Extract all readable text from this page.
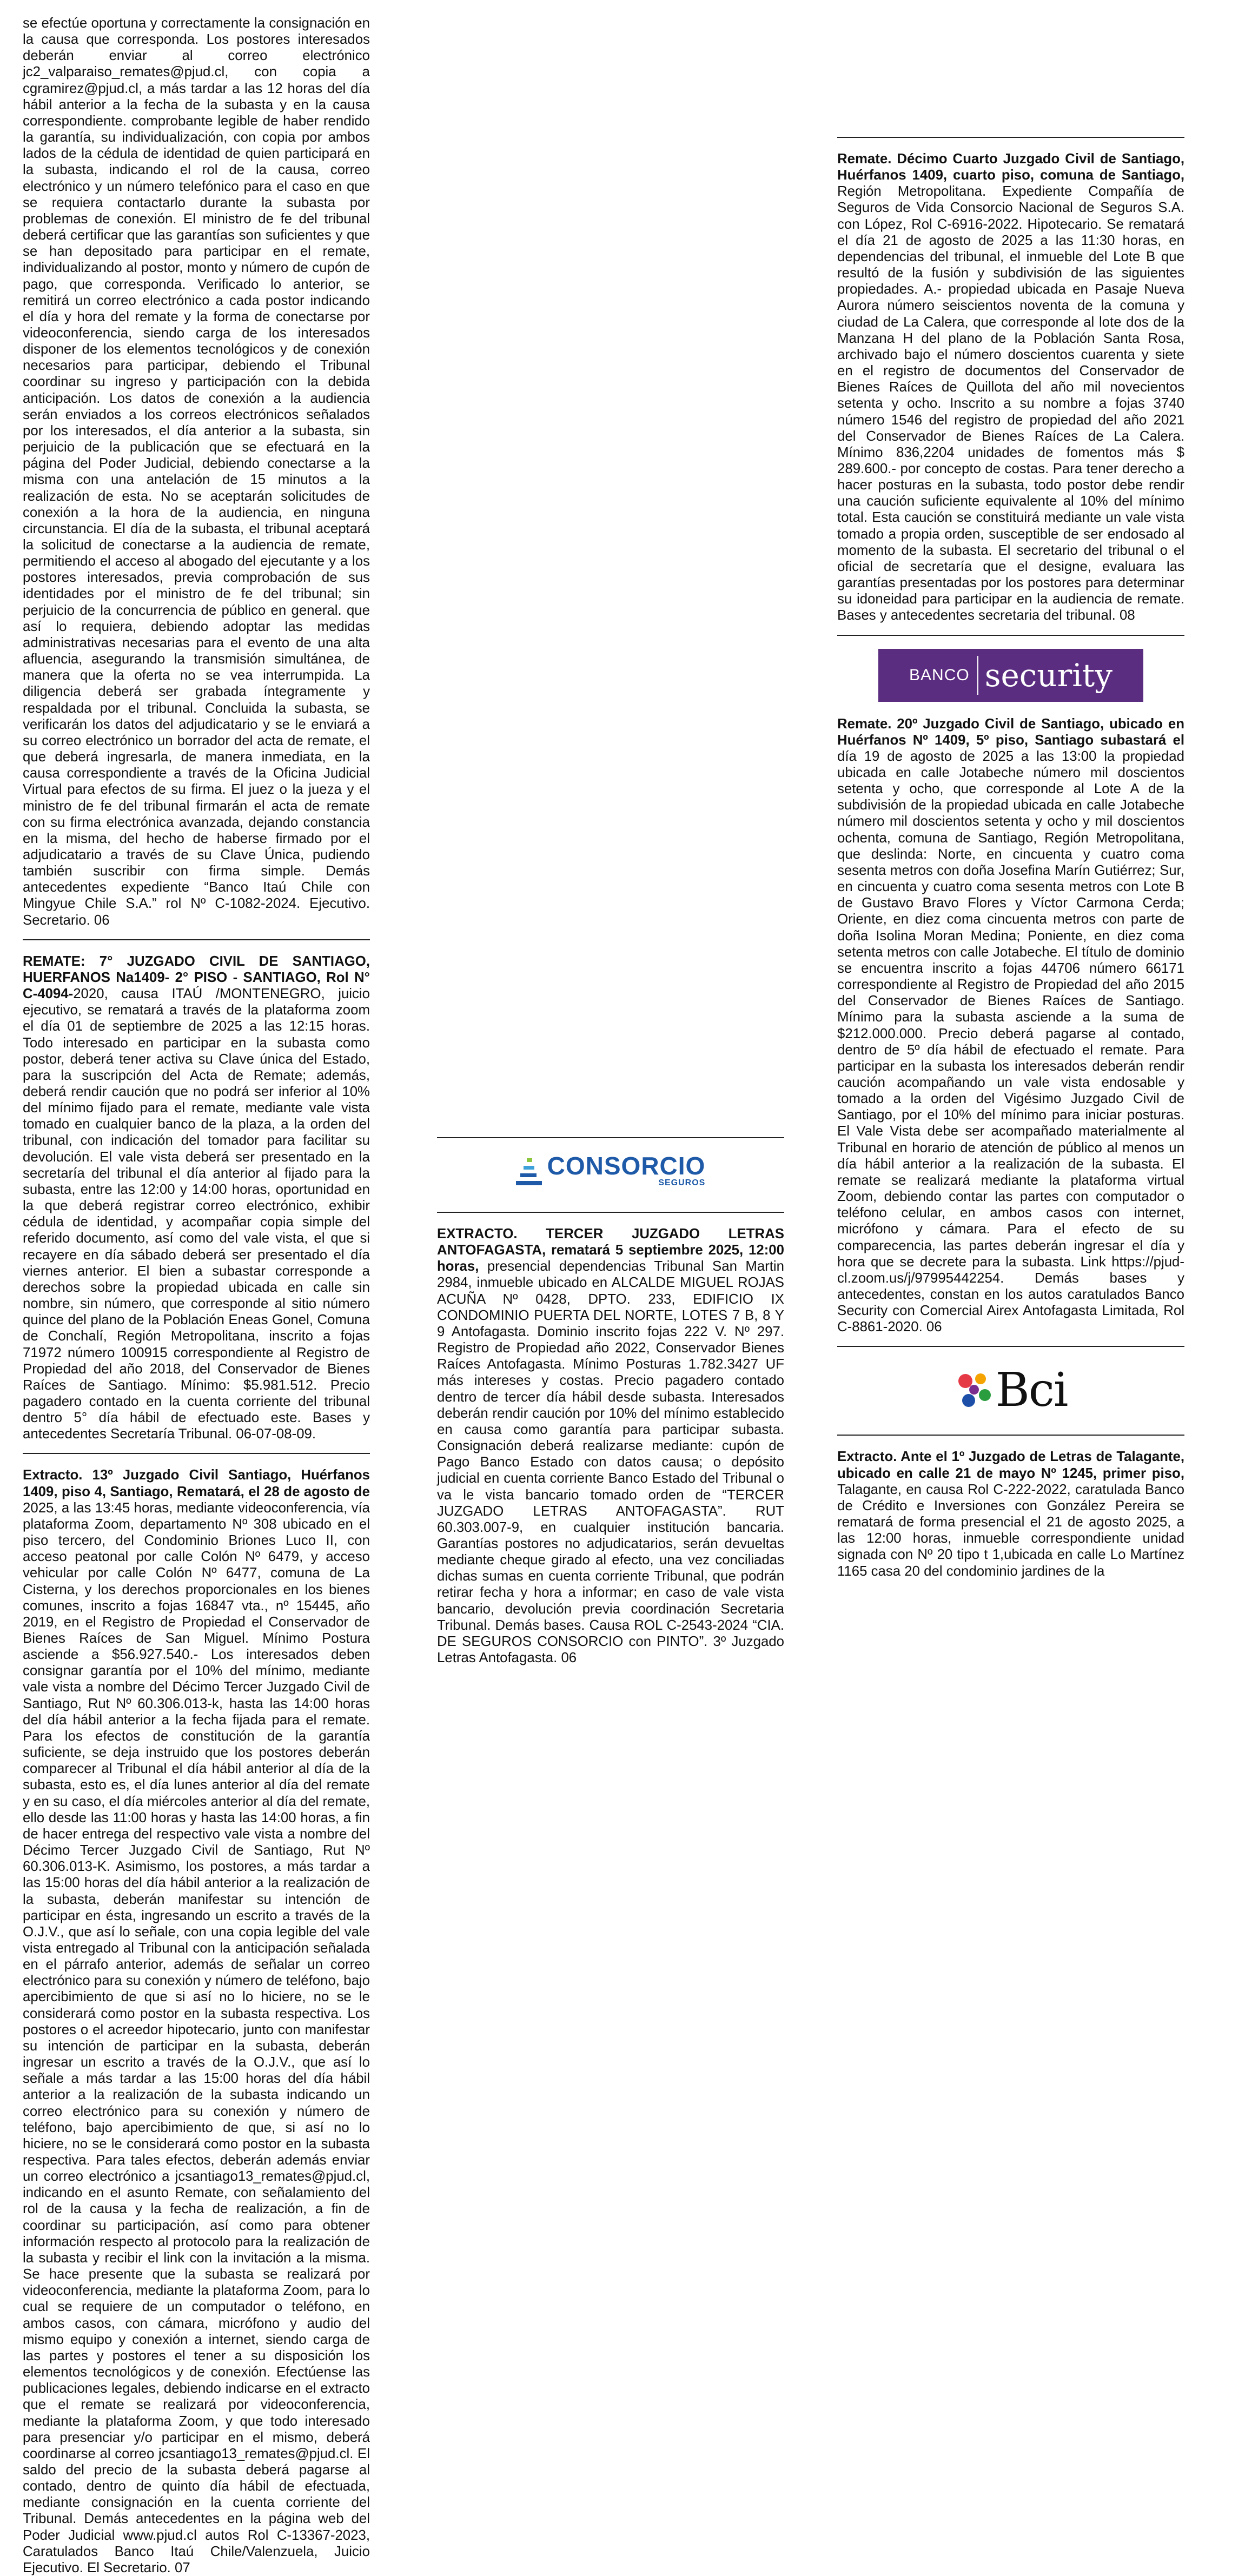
se efectúe oportuna y correctamente la consignación en la causa que corresponda. Los postores interesados deberán enviar al correo electrónico jc2_valparaiso_remates@pjud.cl, con copia a cgramirez@pjud.cl, a más tardar a las 12 horas del día hábil anterior a la fecha de la subasta y en la causa correspondiente. comprobante legible de haber rendido la garantía, su individualización, con copia por ambos lados de la cédula de identidad de quien participará en la subasta, indicando el rol de la causa, correo electrónico y un número telefónico para el caso en que se requiera contactarlo durante la subasta por problemas de conexión. El ministro de fe del tribunal deberá certificar que las garantías son suficientes y que se han depositado para participar en el remate, individualizando al postor, monto y número de cupón de pago, que corresponda. Verificado lo anterior, se remitirá un correo electrónico a cada postor indicando el día y hora del remate y la forma de conectarse por videoconferencia, siendo carga de los interesados disponer de los elementos tecnológicos y de conexión necesarios para participar, debiendo el Tribunal coordinar su ingreso y participación con la debida anticipación. Los datos de conexión a la audiencia serán enviados a los correos electrónicos señalados por los interesados, el día anterior a la subasta, sin perjuicio de la publicación que se efectuará en la página del Poder Judicial, debiendo conectarse a la misma con una antelación de 15 minutos a la realización de esta. No se aceptarán solicitudes de conexión a la hora de la audiencia, en ninguna circunstancia. El día de la subasta, el tribunal aceptará la solicitud de conectarse a la audiencia de remate, permitiendo el acceso al abogado del ejecutante y a los postores interesados, previa comprobación de sus identidades por el ministro de fe del tribunal; sin perjuicio de la concurrencia de público en general. que así lo requiera, debiendo adoptar las medidas administrativas necesarias para el evento de una alta afluencia, asegurando la transmisión simultánea, de manera que la oferta no se vea interrumpida. La diligencia deberá ser grabada íntegramente y respaldada por el tribunal. Concluida la subasta, se verificarán los datos del adjudicatario y se le enviará a su correo electrónico un borrador del acta de remate, el que deberá ingresarla, de manera inmediata, en la causa correspondiente a través de la Oficina Judicial Virtual para efectos de su firma. El juez o la jueza y el ministro de fe del tribunal firmarán el acta de remate con su firma electrónica avanzada, dejando constancia en la misma, del hecho de haberse firmado por el adjudicatario a través de su Clave Única, pudiendo también suscribir con firma simple. Demás antecedentes expediente “Banco Itaú Chile con Mingyue Chile S.A.” rol Nº C-1082-2024. Ejecutivo. Secretario. 06

REMATE: 7° JUZGADO CIVIL DE SANTIAGO, HUERFANOS Na1409- 2° PISO - SANTIAGO, Rol N° C-4094-2020, causa ITAÚ /MONTENEGRO, juicio ejecutivo, se rematará a través de la plataforma zoom el día 01 de septiembre de 2025 a las 12:15 horas. Todo interesado en participar en la subasta como postor, deberá tener activa su Clave única del Estado, para la suscripción del Acta de Remate; además, deberá rendir caución que no podrá ser inferior al 10% del mínimo fijado para el remate, mediante vale vista tomado en cualquier banco de la plaza, a la orden del tribunal, con indicación del tomador para facilitar su devolución. El vale vista deberá ser presentado en la secretaría del tribunal el día anterior al fijado para la subasta, entre las 12:00 y 14:00 horas, oportunidad en la que deberá registrar correo electrónico, exhibir cédula de identidad, y acompañar copia simple del referido documento, así como del vale vista, el que si recayere en día sábado deberá ser presentado el día viernes anterior. El bien a subastar corresponde a derechos sobre la propiedad ubicada en calle sin nombre, sin número, que corresponde al sitio número quince del plano de la Población Eneas Gonel, Comuna de Conchalí, Región Metropolitana, inscrito a fojas 71972 número 100915 correspondiente al Registro de Propiedad del año 2018, del Conservador de Bienes Raíces de Santiago. Mínimo: $5.981.512. Precio pagadero contado en la cuenta corriente del tribunal dentro 5° día hábil de efectuado este. Bases y antecedentes Secretaría Tribunal. 06-07-08-09.

Extracto. 13º Juzgado Civil Santiago, Huérfanos 1409, piso 4, Santiago, Rematará, el 28 de agosto de 2025, a las 13:45 horas, mediante videoconferencia, vía plataforma Zoom, departamento Nº 308 ubicado en el piso tercero, del Condominio Briones Luco II, con acceso peatonal por calle Colón Nº 6479, y acceso vehicular por calle Colón Nº 6477, comuna de La Cisterna, y los derechos proporcionales en los bienes comunes, inscrito a fojas 16847 vta., nº 15445, año 2019, en el Registro de Propiedad el Conservador de Bienes Raíces de San Miguel. Mínimo Postura asciende a $56.927.540.- Los interesados deben consignar garantía por el 10% del mínimo, mediante vale vista a nombre del Décimo Tercer Juzgado Civil de Santiago, Rut Nº 60.306.013-k, hasta las 14:00 horas del día hábil anterior a la fecha fijada para el remate. Para los efectos de constitución de la garantía suficiente, se deja instruido que los postores deberán comparecer al Tribunal el día hábil anterior al día de la subasta, esto es, el día lunes anterior al día del remate y en su caso, el día miércoles anterior al día del remate, ello desde las 11:00 horas y hasta las 14:00 horas, a fin de hacer entrega del respectivo vale vista a nombre del Décimo Tercer Juzgado Civil de Santiago, Rut Nº 60.306.013-K. Asimismo, los postores, a más tardar a las 15:00 horas del día hábil anterior a la realización de la subasta, deberán manifestar su intención de participar en ésta, ingresando un escrito a través de la O.J.V., que así lo señale, con una copia legible del vale vista entregado al Tribunal con la anticipación señalada en el párrafo anterior, además de señalar un correo electrónico para su conexión y número de teléfono, bajo apercibimiento de que si así no lo hiciere, no se le considerará como postor en la subasta respectiva. Los postores o el acreedor hipotecario, junto con manifestar su intención de participar en la subasta, deberán ingresar un escrito a través de la O.J.V., que así lo señale a más tardar a las 15:00 horas del día hábil anterior a la realización de la subasta indicando un correo electrónico para su conexión y número de teléfono, bajo apercibimiento de que, si así no lo hiciere, no se le considerará como postor en la subasta respectiva. Para tales efectos, deberán además enviar un correo electrónico a jcsantiago13_remates@pjud.cl, indicando en el asunto Remate, con señalamiento del rol de la causa y la fecha de realización, a fin de coordinar su participación, así como para obtener información respecto al protocolo para la realización de la subasta y recibir el link con la invitación a la misma. Se hace presente que la subasta se realizará por videoconferencia, mediante la plataforma Zoom, para lo cual se requiere de un computador o teléfono, en ambos casos, con cámara, micrófono y audio del mismo equipo y conexión a internet, siendo carga de las partes y postores el tener a su disposición los elementos tecnológicos y de conexión. Efectúense las publicaciones legales, debiendo indicarse en el extracto que el remate se realizará por videoconferencia, mediante la plataforma Zoom, y que todo interesado para presenciar y/o participar en el mismo, deberá coordinarse al correo jcsantiago13_remates@pjud.cl. El saldo del precio de la subasta deberá pagarse al contado, dentro de quinto día hábil de efectuada, mediante consignación en la cuenta corriente del Tribunal. Demás antecedentes en la página web del Poder Judicial www.pjud.cl autos Rol C-13367-2023, Caratulados Banco Itaú Chile/Valenzuela, Juicio Ejecutivo. El Secretario. 07

CONSORCIO
SEGUROS

EXTRACTO. TERCER JUZGADO LETRAS ANTOFAGASTA, rematará 5 septiembre 2025, 12:00 horas, presencial dependencias Tribunal San Martin 2984, inmueble ubicado en ALCALDE MIGUEL ROJAS ACUÑA Nº 0428, DPTO. 233, EDIFICIO IX CONDOMINIO PUERTA DEL NORTE, LOTES 7 B, 8 Y 9 Antofagasta. Dominio inscrito fojas 222 V. Nº 297. Registro de Propiedad año 2022, Conservador Bienes Raíces Antofagasta. Mínimo Posturas 1.782.3427 UF más intereses y costas. Precio pagadero contado dentro de tercer día hábil desde subasta. Interesados deberán rendir caución por 10% del mínimo establecido en causa como garantía para participar subasta. Consignación deberá realizarse mediante: cupón de Pago Banco Estado con datos causa; o depósito judicial en cuenta corriente Banco Estado del Tribunal o va le vista bancario tomado orden de “TERCER JUZGADO LETRAS ANTOFAGASTA”. RUT 60.303.007-9, en cualquier institución bancaria. Garantías postores no adjudicatarios, serán devueltas mediante cheque girado al efecto, una vez conciliadas dichas sumas en cuenta corriente Tribunal, que podrán retirar fecha y hora a informar; en caso de vale vista bancario, devolución previa coordinación Secretaria Tribunal. Demás bases. Causa ROL C-2543-2024 “CIA. DE SEGUROS CONSORCIO con PINTO”. 3º Juzgado Letras Antofagasta. 06

Remate. Décimo Cuarto Juzgado Civil de Santiago, Huérfanos 1409, cuarto piso, comuna de Santiago, Región Metropolitana. Expediente Compañía de Seguros de Vida Consorcio Nacional de Seguros S.A. con López, Rol C-6916-2022. Hipotecario. Se rematará el día 21 de agosto de 2025 a las 11:30 horas, en dependencias del tribunal, el inmueble del Lote B que resultó de la fusión y subdivisión de las siguientes propiedades. A.- propiedad ubicada en Pasaje Nueva Aurora número seiscientos noventa de la comuna y ciudad de La Calera, que corresponde al lote dos de la Manzana H del plano de la Población Santa Rosa, archivado bajo el número doscientos cuarenta y siete en el registro de documentos del Conservador de Bienes Raíces de Quillota del año mil novecientos setenta y ocho. Inscrito a su nombre a fojas 3740 número 1546 del registro de propiedad del año 2021 del Conservador de Bienes Raíces de La Calera. Mínimo 836,2204 unidades de fomentos más $ 289.600.- por concepto de costas. Para tener derecho a hacer posturas en la subasta, todo postor debe rendir una caución suficiente equivalente al 10% del mínimo total. Esta caución se constituirá mediante un vale vista tomado a propia orden, susceptible de ser endosado al momento de la subasta. El secretario del tribunal o el oficial de secretaría que el designe, evaluara las garantías presentadas por los postores para determinar su idoneidad para participar en la audiencia de remate. Bases y antecedentes secretaria del tribunal. 08

BANCO security

Remate. 20º Juzgado Civil de Santiago, ubicado en Huérfanos Nº 1409, 5º piso, Santiago subastará el día 19 de agosto de 2025 a las 13:00 la propiedad ubicada en calle Jotabeche número mil doscientos setenta y ocho, que corresponde al Lote A de la subdivisión de la propiedad ubicada en calle Jotabeche número mil doscientos setenta y ocho y mil doscientos ochenta, comuna de Santiago, Región Metropolitana, que deslinda: Norte, en cincuenta y cuatro coma sesenta metros con doña Josefina Marín Gutiérrez; Sur, en cincuenta y cuatro coma sesenta metros con Lote B de Gustavo Bravo Flores y Víctor Carmona Cerda; Oriente, en diez coma cincuenta metros con parte de doña Isolina Moran Medina; Poniente, en diez coma setenta metros con calle Jotabeche. El título de dominio se encuentra inscrito a fojas 44706 número 66171 correspondiente al Registro de Propiedad del año 2015 del Conservador de Bienes Raíces de Santiago. Mínimo para la subasta asciende a la suma de $212.000.000. Precio deberá pagarse al contado, dentro de 5º día hábil de efectuado el remate. Para participar en la subasta los interesados deberán rendir caución acompañando un vale vista endosable y tomado a la orden del Vigésimo Juzgado Civil de Santiago, por el 10% del mínimo para iniciar posturas. El Vale Vista debe ser acompañado materialmente al Tribunal en horario de atención de público al menos un día hábil anterior a la realización de la subasta. El remate se realizará mediante la plataforma virtual Zoom, debiendo contar las partes con computador o teléfono celular, en ambos casos con internet, micrófono y cámara. Para el efecto de su comparecencia, las partes deberán ingresar el día y hora que se decrete para la subasta. Link https://pjud-cl.zoom.us/j/97995442254. Demás bases y antecedentes, constan en los autos caratulados Banco Security con Comercial Airex Antofagasta Limitada, Rol C-8861-2020. 06

Bci

Extracto. Ante el 1º Juzgado de Letras de Talagante, ubicado en calle 21 de mayo Nº 1245, primer piso, Talagante, en causa Rol C-222-2022, caratulada Banco de Crédito e Inversiones con González Pereira se rematará de forma presencial el 21 de agosto 2025, a las 12:00 horas, inmueble correspondiente unidad signada con Nº 20 tipo t 1,ubicada en calle Lo Martínez 1165 casa 20 del condominio jardines de la
